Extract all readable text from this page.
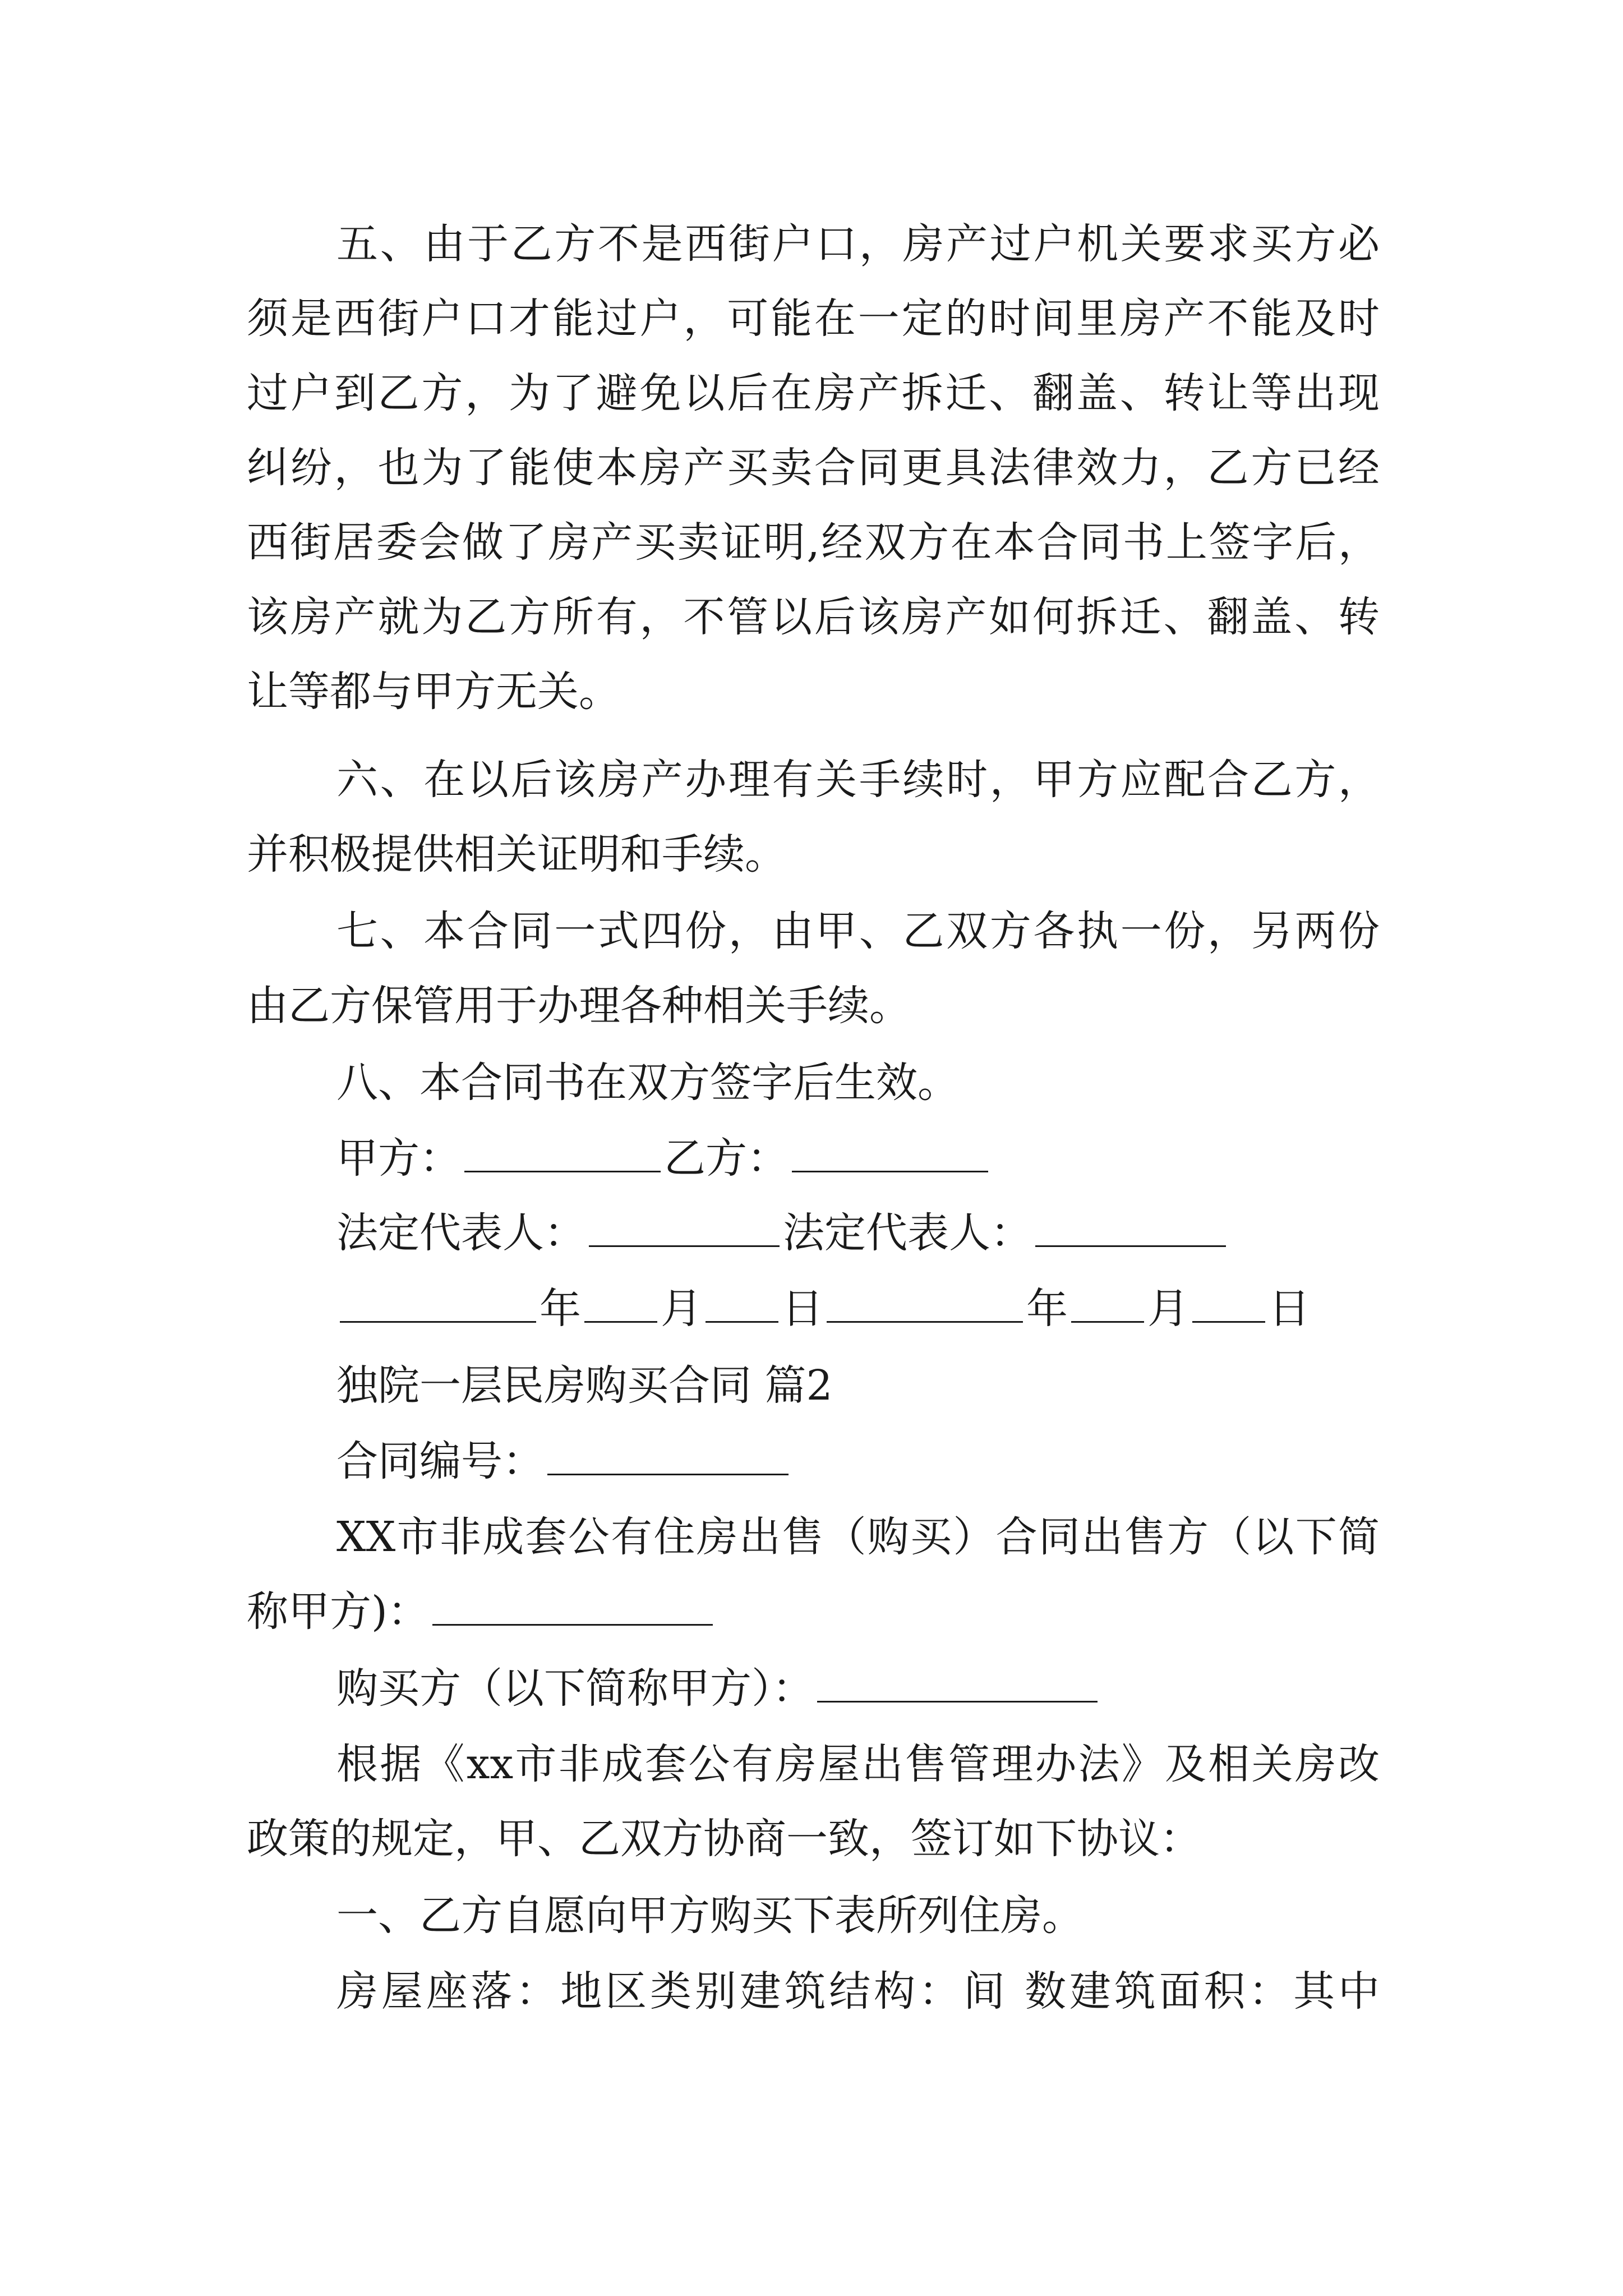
五、由于乙方不是西街户口，房产过户机关要求买方必
须是西街户口才能过户，可能在一定的时间里房产不能及时
过户到乙方，为了避免以后在房产拆迁、翻盖、转让等出现
纠纷，也为了能使本房产买卖合同更具法律效力，乙方已经
西街居委会做了房产买卖证明,经双方在本合同书上签字后，
该房产就为乙方所有，不管以后该房产如何拆迁、翻盖、转
让等都与甲方无关。
六、在以后该房产办理有关手续时，甲方应配合乙方，
并积极提供相关证明和手续。
七、本合同一式四份，由甲、乙双方各执一份，另两份
由乙方保管用于办理各种相关手续。
八、本合同书在双方签字后生效。
甲方：	乙方：
法定代表人：	法定代表人：
年 月 日	年 月 日
独院一层民房购买合同 篇2
合同编号：
XX市非成套公有住房出售（购买）合同出售方（以下简
称甲方)：
购买方（以下简称甲方）：
根据《xx市非成套公有房屋出售管理办法》及相关房改
政策的规定，甲、乙双方协商一致，签订如下协议：
一、乙方自愿向甲方购买下表所列住房。
房屋座落：地区类别建筑结构：间 数建筑面积：其中
